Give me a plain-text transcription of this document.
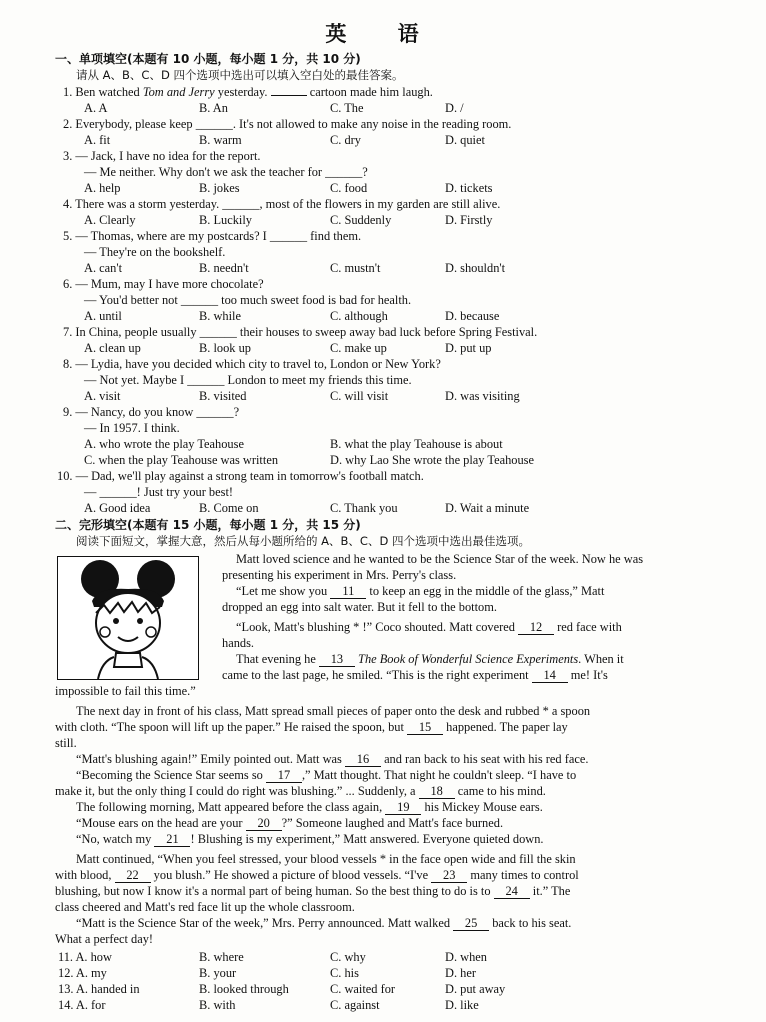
英 语
一、单项填空(本题有 10 小题，每小题 1 分，共 10 分)
请从 A、B、C、D 四个选项中选出可以填入空白处的最佳答案。
1. Ben watched Tom and Jerry yesterday.	cartoon made him laugh.
A. A	B. An	C. The	D. /
2. Everybody, please keep ______. It's not allowed to make any noise in the reading room.
A. fit	B. warm	C. dry	D. quiet
3. — Jack, I have no idea for the report.
— Me neither. Why don't we ask the teacher for ______?
A. help	B. jokes	C. food	D. tickets
4. There was a storm yesterday. ______, most of the flowers in my garden are still alive.
A. Clearly	B. Luckily	C. Suddenly	D. Firstly
5. — Thomas, where are my postcards? I ______ find them.
— They're on the bookshelf.
A. can't	B. needn't	C. mustn't	D. shouldn't
6. — Mum, may I have more chocolate?
— You'd better not ______ too much sweet food is bad for health.
A. until	B. while	C. although	D. because
7. In China, people usually ______ their houses to sweep away bad luck before Spring Festival.
A. clean up	B. look up	C. make up	D. put up
8. — Lydia, have you decided which city to travel to, London or New York?
— Not yet. Maybe I ______ London to meet my friends this time.
A. visit	B. visited	C. will visit	D. was visiting
9. — Nancy, do you know ______?
— In 1957. I think.
A. who wrote the play Teahouse	B. what the play Teahouse is about
C. when the play Teahouse was written	D. why Lao She wrote the play Teahouse
10. — Dad, we'll play against a strong team in tomorrow's football match.
— ______! Just try your best!
A. Good idea	B. Come on	C. Thank you	D. Wait a minute
二、完形填空(本题有 15 小题，每小题 1 分，共 15 分)
阅读下面短文，掌握大意，然后从每小题所给的 A、B、C、D 四个选项中选出最佳选项。
Matt loved science and he wanted to be the Science Star of the week. Now he was
presenting his experiment in Mrs. Perry's class.
“Let me show you 11 to keep an egg in the middle of the glass,” Matt
dropped an egg into salt water. But it fell to the bottom.
“Look, Matt's blushing * !” Coco shouted. Matt covered 12 red face with
hands.
That evening he 13 The Book of Wonderful Science Experiments. When it
came to the last page, he smiled. “This is the right experiment 14 me! It's
impossible to fail this time.”
The next day in front of his class, Matt spread small pieces of paper onto the desk and rubbed * a spoon
with cloth. “The spoon will lift up the paper.” He raised the spoon, but 15 happened. The paper lay
still.
“Matt's blushing again!” Emily pointed out. Matt was 16 and ran back to his seat with his red face.
“Becoming the Science Star seems so 17 ,” Matt thought. That night he couldn't sleep. “I have to
make it, but the only thing I could do right was blushing.” ... Suddenly, a 18 came to his mind.
The following morning, Matt appeared before the class again, 19 his Mickey Mouse ears.
“Mouse ears on the head are your 20 ?” Someone laughed and Matt's face burned.
“No, watch my 21 ! Blushing is my experiment,” Matt answered. Everyone quieted down.
Matt continued, “When you feel stressed, your blood vessels * in the face open wide and fill the skin
with blood, 22 you blush.” He showed a picture of blood vessels. “I've 23 many times to control
blushing, but now I know it's a normal part of being human. So the best thing to do is to 24 it.” The
class cheered and Matt's red face lit up the whole classroom.
“Matt is the Science Star of the week,” Mrs. Perry announced. Matt walked 25 back to his seat.
What a perfect day!
11. A. how	B. where	C. why	D. when
12. A. my	B. your	C. his	D. her
13. A. handed in	B. looked through	C. waited for	D. put away
14. A. for	B. with	C. against	D. like
